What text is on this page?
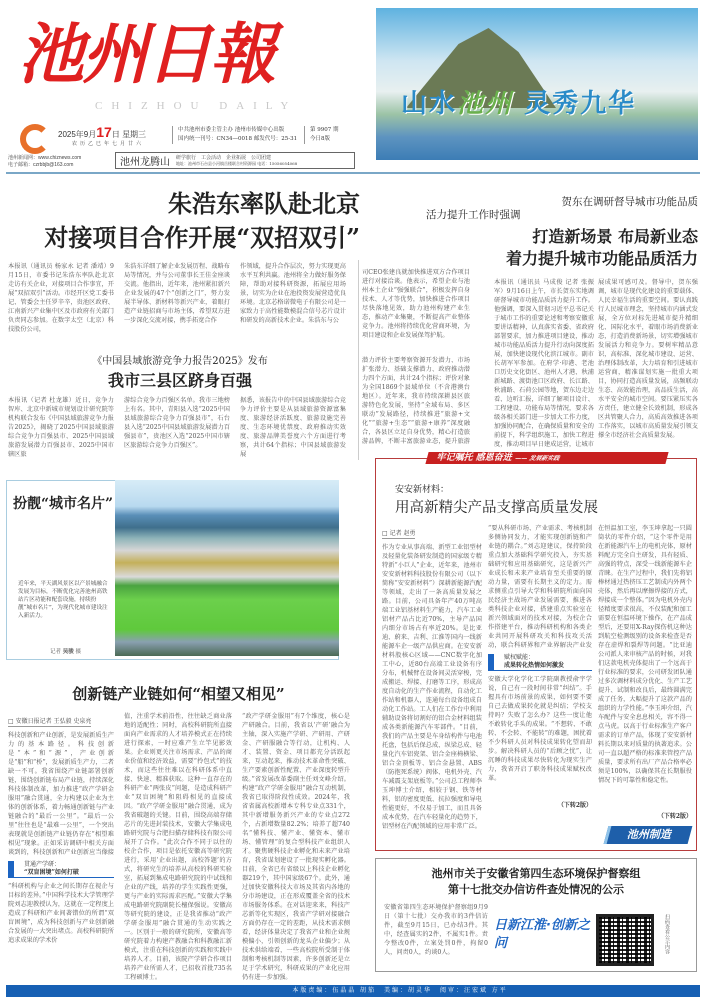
池州日報
CHIZHOU DAILY	山水池州 灵秀九华
2025年9月17日 星期三
农历乙巳年七月廿六
池州新闻网：www.chiznews.com
电子邮箱：czrbbjb@163.com
中共池州市委主管主办 池州市传媒中心出版
国内统一刊号：CN34—0018 邮发代号：25-31
第 9907 期
今日8版
池州龙腾山 研学旅行　工会活动　企业拓展　公司团建
地址：池州市石台县小河镇岳楼联合村资源园 电话：15056054068
朱浩东率队赴北京
对接项目合作开展“双招双引”
本报讯（通讯员 杨家永 记者 潘靖）9月15日，市委书记朱浩东率队赴北京走访有关企业，对接项目合作事宜，开展“双招双引”活动。市经开区党工委书记、管委会主任罗辛辛，贵池区政府、江南新兴产业集中区及市政府有关部门负责同志参加。在数字太空（北京）科技股份公司，
朱浩东详细了解企业发展历程、战略布局等情况，并与公司董事长王佳金座谈交流。他指出，近年来，池州紧扣新兴企业发展的47个“创新之门”，努力发展半导体、新材料等新兴产业，着眼打造产业链招商与市场主体，希望双方进一步深化交流对接，携手拓宽合作
作领域，提升合作层次，努力实现更高水平互利共赢。池州将全力做好服务保障，帮助对接科研资源，拓展应用场景，切实为企业在池投资发展营造优良环境。北京芯格诺微电子有限公司是一家致力于高性能数模混合信号芯片设计和研发的高新技术企业。朱浩东与公
司CEO张建良就加快推进双方合作项目进行对接洽谈。他表示，希望企业与池州本土企业“强强联合”，积极发挥自身技术、人才等优势，加快推进合作项目尽快落地见效，助力池州构建产业生态，推动产业集聚，不断提高产业整体竞争力。池州将持续优化营商环境，为项目建设和企业发展保驾护航。
贺东在调研督导城市功能品质
活力提升工作时强调
打造新场景 布局新业态
着力提升城市功能品质活力
本报讯（通讯员 马成俊 记者 张振军）9月16日上午，市长贺东实地调研督导城市功能品质活力提升工作。他强调，要深入贯彻习近平总书记关于城市工作的重要论述和考察安徽重要讲话精神，认真落实省委、省政府部署要求，加力推进项目建设，推动城市功能品质活力提升行动向深度拓展，加快建设现代化滨江城市。副市长胡军军参加。在府学·印港、老池口历史文化街区、池州人才港、秋浦新城路、渡街池口区政府、长江路、秋浦路、石荷公园等地，贺东边走边看、边听汇报，详细了解项目设计、工程建设、功能布局等情况，要求各级各相关部门进一步加大工作力度，加强协同配合，在确保质量和安全的前提下，科学组织施工，加快工程进度，推动项目早日建成运营，让城市
展成果可感可及。督导中，贺东强调，城市是现代化建设的重要载体、人民幸福生活的重要空间。要认真践行人民城市理念，坚持城市内涵式发展，全方位对标先进城市提升精细化、国际化水平，着眼市场消费新业态，打造消费新场景，切实增强城市发展活力和竞争力。要树牢精品意识，高标准、深化城市建设、运营、治理体制改革，大力培育和引进城市运营商，精准谋划实施一批重大项目，协同打造高质量发展，高频联动生态、高效能治理，高品质生活，高水平安全的城市空间。要压紧压实各方责任，建立健全长效机制，形成各区共管聚人合力，高质高效推进各项工作落实，以城市高质量发展引领支撑全市经济社会高质量发展。
《中国县域旅游竞争力报告2025》发布
我市三县区跻身百强
本报讯（记者 杜龙雄）近日，竞争力智库、北京中新城市规划设计研究院等机构联合发布《中国县域旅游竞争力报告2025》，揭晓了2025中国县域旅游综合竞争力百强县市、2025中国县域旅游发展潜力百强县市、2025中国市辖区旅
游综合竞争力百强区名单。我市三地榜上有名。其中，青阳县入选“2025中国县域旅游综合竞争力百强县市”，石台县入选“2025中国县域旅游发展潜力百强县市”，贵池区入选“2025中国市辖区旅游综合竞争力百强区”。
据悉，该报告中的中国县域旅游综合竞争力评价主要是从县域旅游资源富集度、旅游经济活跃度、旅游设施完善度、生态环境优禁度、政府推动实效度、旅游品牌美誉度六个方面进行考察，共计64个指标；中国县域旅游发展
潜力评价主要考察资源开发潜力、市场扩张潜力、基础支撑潜力、政府推动潜力四个方面，共计24个指标；评价对象为全国1869个县域单位（不含港澳台地区）。近年来，我市持续深耕县区旅游特色化发展，坚持“全域布局、多区联动”发展路径，持续推进“旅游+文化”“旅游+生态”“旅游+康养”深度融合，各县区立足自身优势，精心打造旅游品牌，不断丰富旅游业态，提升旅游
扮靓“城市名片”
近年来，平天湖风景区以产景城融合发展为目标，不断优化完善池州高铁站片区功能和配套设施，持续扮靓“城市名片”，为现代化城市建设注入新活力。
记者 吴骏 摄
创新链产业链如何“相望又相见”
□ 安徽日报记者 王弘毅 史泉亮
科技创新和产业创新，是发展新质生产力的基本路径。科技创新是“本”和“源”，产业创新是“船”和“桥”，发展新质生产力，二者缺一不可。我省围绕产业链部署创新链，围绕创新链布局产业链，持续深化科技体制改革，加力推进“政产学研金服用”融合贯通，全力构建以企业为主体的创新体系，着力畅通创新链与产业链融合的“最后一公里”。“最后一公里”往往也是“最难一公里”，一个突出表现就是创新链产业链仍存在“相望难相见”现象。正如采访调研中相关方面谈到的，科技创新和产业创新应当像接
贯通产学研：
“双盲困境”如何打破
“科研机构与企业之间长期存在视企与目标的差异。”中国科学技术大学管理学院刘志迎教授认为，这就在一定程度上造成了科研和产业间著错位的所谓“双盲困境”，成为科技创新与产业创新融合发展的一大突出堵点。高校科研院所追求成果的学术价
值，注重学术前沿性，往往缺乏商业落地的适配性；同时，高校科研院所直接面向产业需求的人才培养模式正在持续进行探索，一时应难产生立竿见影效果。企业则更关注市场需求、产品的商业价值和经济效益，需要“拎包式”的技术，而这些往往难以在科研体系中直接、快速、精准获取。这种一直存在的科研产业“两张皮”问题，是造成科研产业“双盲困境”和阻碍相见的直接成因。“政产学研金服用”融合贯通，成为我省破题的关键。目前，围绕高端存储芯片的先进封装技术，安徽大学集成电路研究院与合肥扫描存储科技有限公司展开了合作。“此次合作不同于以往的校企合作，项目是依托安徽高等研究院进行，采用‘企业出题，高校答题’的方式，将研究生的培养从高校的科研实验室，拓展到集成电路研究院的中试线和企业的产线，培养的学生实践性更强，更与产业的实际需求匹配。”安徽大学集成电路研究院副院长檀保强说。安徽高等研究院的建设，正是我省推动“政产学研金服用”融合贯通的生动实践之一。区别于一般的研究院所，安徽高等研究院着力构建产教融合和科教融汇新模式，注重在科技创新的实践和实践中培养人才。目前，该院产学研合作项目培养产业所需人才，已招收首批735名工程硕博士。
“政产学研金服用”有7个维度，核心是产研融合。目前，我省以‘产研’融合为主轴，深入实施产学研、产研用、产研金、产研服融合等行动，让机构、人才、装置、资金、项目都充分活跃起来，互动起来，推动技术革命性突破、生产要素创新性配置、产业深度转型升级。”省发展改革委副主任刘文峰介绍。构建“政产学研金服用”融合互动机制，我省已取得阶段性成效。2024年，我省省属高校新增本专科专业点331个，其中新增服务新兴产业的专业点272个，占新增数量82.2%；培养了超740名“懂科技、懂产业、懂资本、懂市场、懂管理”的复合型科技产业组织人才。聚焦硬科技企业孵化和未来产业培育，我省谋划建设了一批现实孵化器。目前，全省已有省级以上科技企业孵化器219个，其中国家级67个。此外，通过加快安徽科技大市场及其省内各地的分市场建设，正在形成覆盖全省的技术市场服务体系。在对话迎来来，科技产芯新等化实现区，我省产学研对接融合方面仍存在一定的差距，从技术需求侧看，经济体量决定了我省产业和企业规模偏小，引领创新的龙头企业偏少；从技术供给端看，一些高校院所受制于体制和考核机制等因素，许多创新还是立足于学术研究，科研成果的产业化应用仍有进一步加强。
牢记嘱托 感恩奋进 —— 发展新实践
安安新材料：
用高新精尖产品支撑高质量发展
□ 记者 赵勇
作为专业从事高端、新型工业铝型材及轻量化装备研发制造的国家级专精特新“小巨人”企业，近年来，池州市安安新材料科技股份有限公司（以下简称“安安新材料”）深耕新能源汽配等领域，走出了一条高质量发展之路。目前，公司具备年产40万吨高端工业铝基材料生产能力，汽车工业铝材产品占比近70%，主导产品国内细分市场占有率近20%。是比亚迪、蔚来、吉利、江淮等国内一线新能源车企一级产品供应商。在安安新材料股核心区域——CNC数字化加工中心，近80台高端工业设备有序分布，机械臂在设备间灵活穿梭，完成搬运、焊接、打磨等工序，形成高度自动化的生产作业流程，自动化工作站和机器人，连通每台设备组成自动化工作站。工人们在工作台中利用辅助设备将切割好的铝合金材料组装成各类新能源汽车零部件。“目前，我们的产品主要是车身结构件与电池托盘，包括后保总成、纵梁总成、轻量化汽车铝瓷架、铝合金座椅横梁、铝合金顶板等、铝合金悬置、ABS（防抱死系统）阀体、电机外壳、汽车减震支架底板等。”公司总工程师李玉坤博士介绍，相较于钢、铁等材料，铝的密度更低、抗拉强度和导电性能更好，不仅易于加工，而且具备成本优势，在汽车轻量化的趋势下，铝型材在汽配领域的应用非常广泛。
“要从科研市场、产业需求、考核机制多侧协同发力，才能实现创新链和产业链的耦合。”刘志迎建议，保持阶段重点加大基础科学研究投入，夯实基础研究和应用基础研究，这是新兴产业成长和未来产业培育至关重要的原动力量，需要有长期主义的定力。需求侧重点引导大学和科研院所面向国民经济主战场产业发展需要，推进各类科技企业对接，搭建重点实验室在新兴领域面对的技术对接，为校企合作搭建平台，推动科研机构和各类企业共同开展科研攻关和科技攻关活动，联合科研界和产业界解决产业发
赋权赋能：
成果转化热情如何激发
安徽大学化学化工学院副教授俞宇学说，自己有一段时间非常“纠结”。手握具有市场前景的成果，如何要不要自己去做成果转化就是纠结；学校支持吗？失败了怎么办？这些一度让他不敢转化手头的成果。“不想转、不敢转、不会转、不能转”的难题，困扰着不少科研人员对科技成果转化望而却步。解决科研人员的“后顾之忧”，让沉睡的科技成果尽快转化为现实生产力，我省开启了职务科技成果赋权改革。
（下转2版）
在恒温加工室，李玉坤拿起一只圆筒状的零件介绍，“这个零件是用在新能源汽车上的电机壳体，原材料配方完全自主研发，具有轻质、高强的特点，深受一线新能源车企青睐。在生产过程中，我们先将铝棒材通过热挤压工艺制成内外两个壳体，然后再以摩擦焊接的方式，焊接成一个整体。”因为电机外壳内径精度要求很高，不仅装配和加工需要在恒温环境下操作，在产品成型后，还要用X-Ray探伤机这种达到航空检测级别的设备来检查是否存在虚焊和裂焊等问题。“比亚迪公司派人来审核产品的时候，对我们这款电机壳体提出了一个远高于行业标准的要求，公司研发团队通过多次调材料成分优化、生产工艺提升、试制和改良后，最终圆满完成了任务，大幅提升了这款产品的组织的力学性能。”李玉坤介绍，汽车配件与安全息息相关，容不得一点马虎。以高于行业标准生产客户需求的订单产品，体现了安安新材料长期以来对质量的执著追求。公司一直以超严格的标准来管控产品质量，要求所有出厂产品合格率必须是100%，以确保其在长期服役情况下的可靠性和稳定性。
（下转2版）
池州制造
池州市关于安徽省第四生态环境保护督察组
第十七批交办信访件查处情况的公示
安徽省第四生态环境保护督察组9月9日（第十七批）交办我市的3件信访件，截至9月15日，已办结3件。其中，经查属实的2件，不属实1件。责令整改0件，立案处罚0件，拘留0人，问责0人，约谈0人。
日新江淮·创新之问	扫码查看公示内容
本版责编：伍晶晶 胡笳　美编：胡灵华　阅审：汪宏斌 方平
